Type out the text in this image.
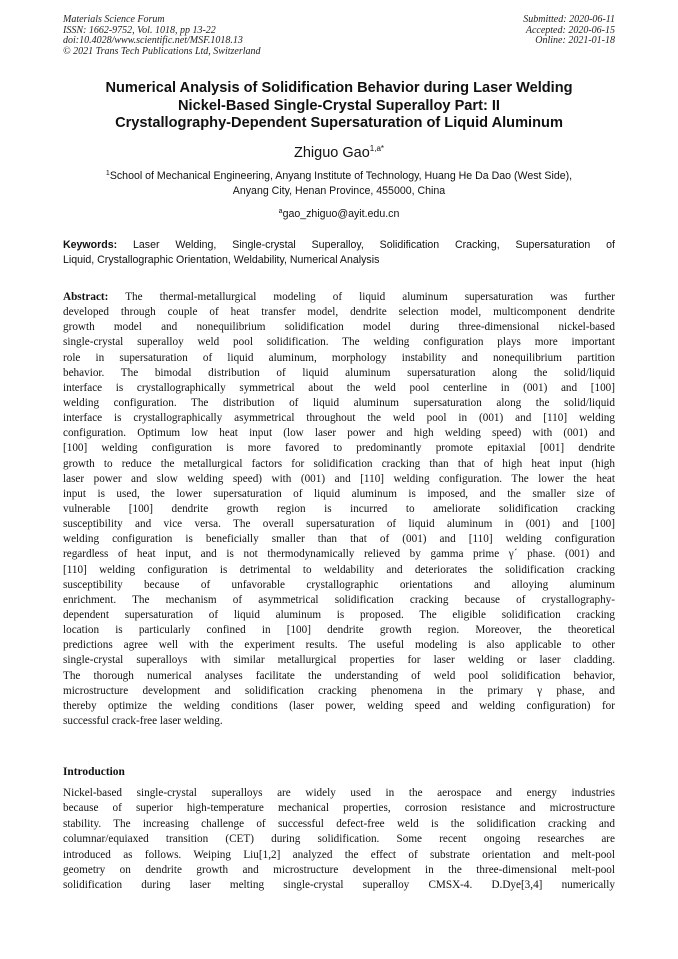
Materials Science Forum
ISSN: 1662-9752, Vol. 1018, pp 13-22
doi:10.4028/www.scientific.net/MSF.1018.13
© 2021 Trans Tech Publications Ltd, Switzerland
Submitted: 2020-06-11
Accepted: 2020-06-15
Online: 2021-01-18
Numerical Analysis of Solidification Behavior during Laser Welding
Nickel-Based Single-Crystal Superalloy Part: II
Crystallography-Dependent Supersaturation of Liquid Aluminum
Zhiguo Gao$^{1,a*}$
$^1$School of Mechanical Engineering, Anyang Institute of Technology, Huang He Da Dao (West Side),
Anyang City, Henan Province, 455000, China
$^a$gao_zhiguo@ayit.edu.cn
Keywords: Laser Welding, Single-crystal Superalloy, Solidification Cracking, Supersaturation of
Liquid, Crystallographic Orientation, Weldability, Numerical Analysis
Abstract: The thermal-metallurgical modeling of liquid aluminum supersaturation was further
developed through couple of heat transfer model, dendrite selection model, multicomponent dendrite
growth model and nonequilibrium solidification model during three-dimensional nickel-based
single-crystal superalloy weld pool solidification. The welding configuration plays more important
role in supersaturation of liquid aluminum, morphology instability and nonequilibrium partition
behavior. The bimodal distribution of liquid aluminum supersaturation along the solid/liquid
interface is crystallographically symmetrical about the weld pool centerline in (001) and [100]
welding configuration. The distribution of liquid aluminum supersaturation along the solid/liquid
interface is crystallographically asymmetrical throughout the weld pool in (001) and [110] welding
configuration. Optimum low heat input (low laser power and high welding speed) with (001) and
[100] welding configuration is more favored to predominantly promote epitaxial [001] dendrite
growth to reduce the metallurgical factors for solidification cracking than that of high heat input (high
laser power and slow welding speed) with (001) and [110] welding configuration. The lower the heat
input is used, the lower supersaturation of liquid aluminum is imposed, and the smaller size of
vulnerable [100] dendrite growth region is incurred to ameliorate solidification cracking
susceptibility and vice versa. The overall supersaturation of liquid aluminum in (001) and [100]
welding configuration is beneficially smaller than that of (001) and [110] welding configuration
regardless of heat input, and is not thermodynamically relieved by gamma prime γ´ phase. (001) and
[110] welding configuration is detrimental to weldability and deteriorates the solidification cracking
susceptibility because of unfavorable crystallographic orientations and alloying aluminum
enrichment. The mechanism of asymmetrical solidification cracking because of crystallography-
dependent supersaturation of liquid aluminum is proposed. The eligible solidification cracking
location is particularly confined in [100] dendrite growth region. Moreover, the theoretical
predictions agree well with the experiment results. The useful modeling is also applicable to other
single-crystal superalloys with similar metallurgical properties for laser welding or laser cladding.
The thorough numerical analyses facilitate the understanding of weld pool solidification behavior,
microstructure development and solidification cracking phenomena in the primary γ phase, and
thereby optimize the welding conditions (laser power, welding speed and welding configuration) for
successful crack-free laser welding.
Introduction
Nickel-based single-crystal superalloys are widely used in the aerospace and energy industries
because of superior high-temperature mechanical properties, corrosion resistance and microstructure
stability. The increasing challenge of successful defect-free weld is the solidification cracking and
columnar/equiaxed transition (CET) during solidification. Some recent ongoing researches are
introduced as follows. Weiping Liu[1,2] analyzed the effect of substrate orientation and melt-pool
geometry on dendrite growth and microstructure development in the three-dimensional melt-pool
solidification during laser melting single-crystal superalloy CMSX-4. D.Dye[3,4] numerically
